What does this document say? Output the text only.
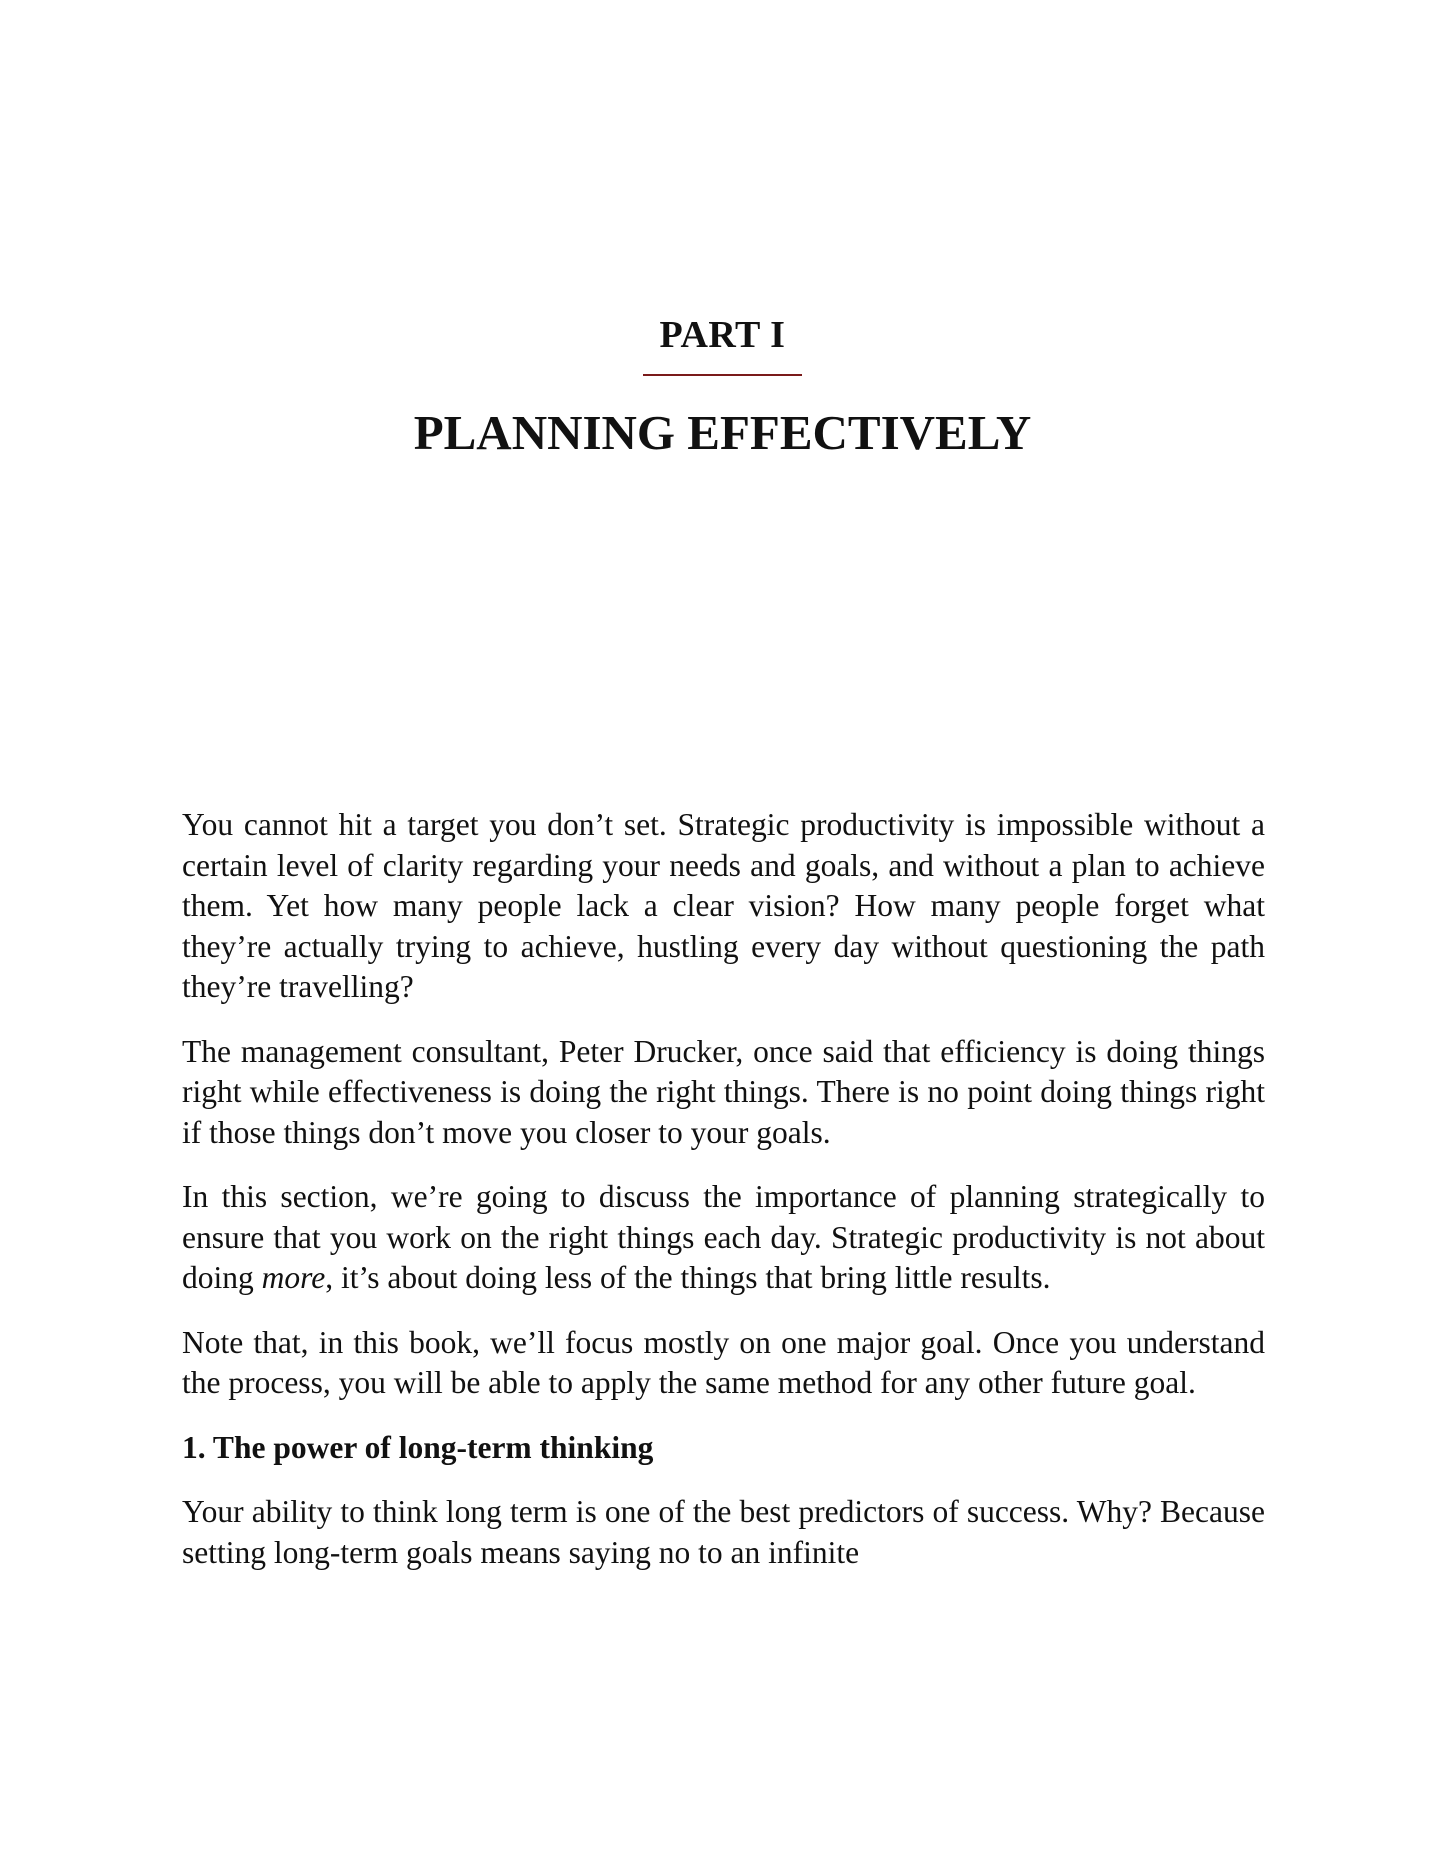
PART I
PLANNING EFFECTIVELY

You cannot hit a target you don’t set. Strategic productivity is impossible without a certain level of clarity regarding your needs and goals, and without a plan to achieve them. Yet how many people lack a clear vision? How many people forget what they’re actually trying to achieve, hustling every day without questioning the path they’re travelling?

The management consultant, Peter Drucker, once said that efficiency is doing things right while effectiveness is doing the right things. There is no point doing things right if those things don’t move you closer to your goals.

In this section, we’re going to discuss the importance of planning strategically to ensure that you work on the right things each day. Strategic productivity is not about doing more, it’s about doing less of the things that bring little results.

Note that, in this book, we’ll focus mostly on one major goal. Once you understand the process, you will be able to apply the same method for any other future goal.

1. The power of long-term thinking

Your ability to think long term is one of the best predictors of success. Why? Because setting long-term goals means saying no to an infinite
